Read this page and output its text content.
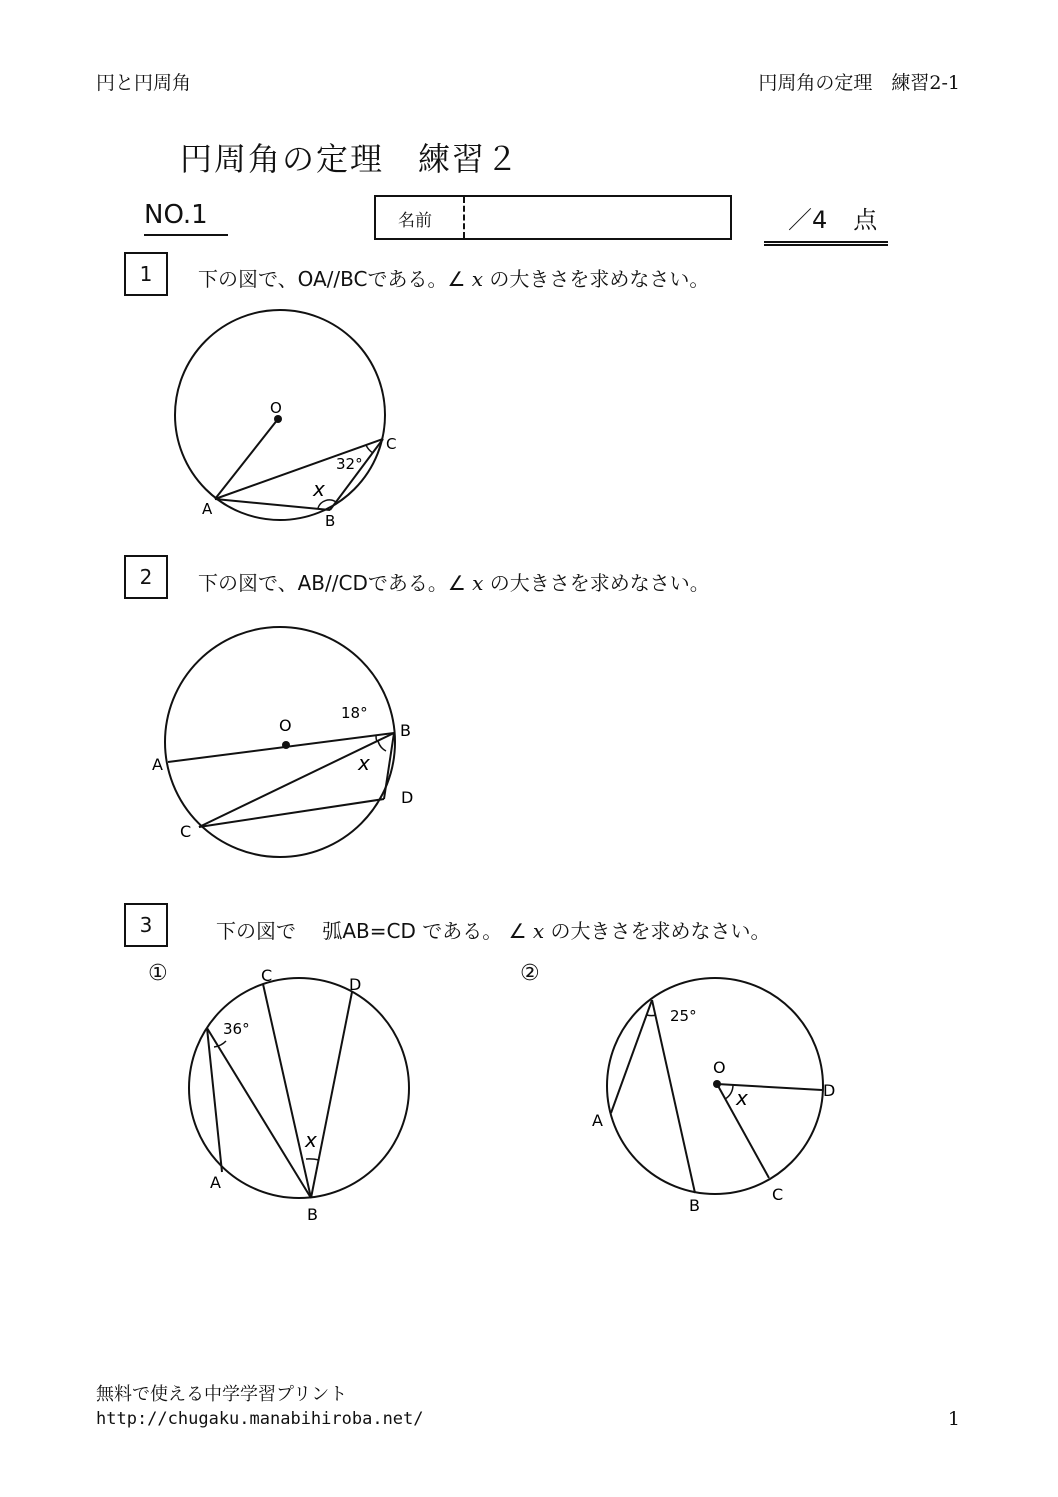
円と円周角	円周角の定理　練習2-1
円周角の定理　練習２
NO.1	名前	／4 点
1	下の図で、OA//BCである。∠ x の大きさを求めなさい。
O
A
B
C
32°
x
2	下の図で、AB//CDである。∠ x の大きさを求めなさい。
O
A
B
C
D
18°
x
3	下の図で　 弧AB=CD である。 ∠ x の大きさを求めなさい。
①	②
C	D
A
B
36°
x
O
A
B
C
D
25°
x
無料で使える中学学習プリント
http://chugaku.manabihiroba.net/	1
